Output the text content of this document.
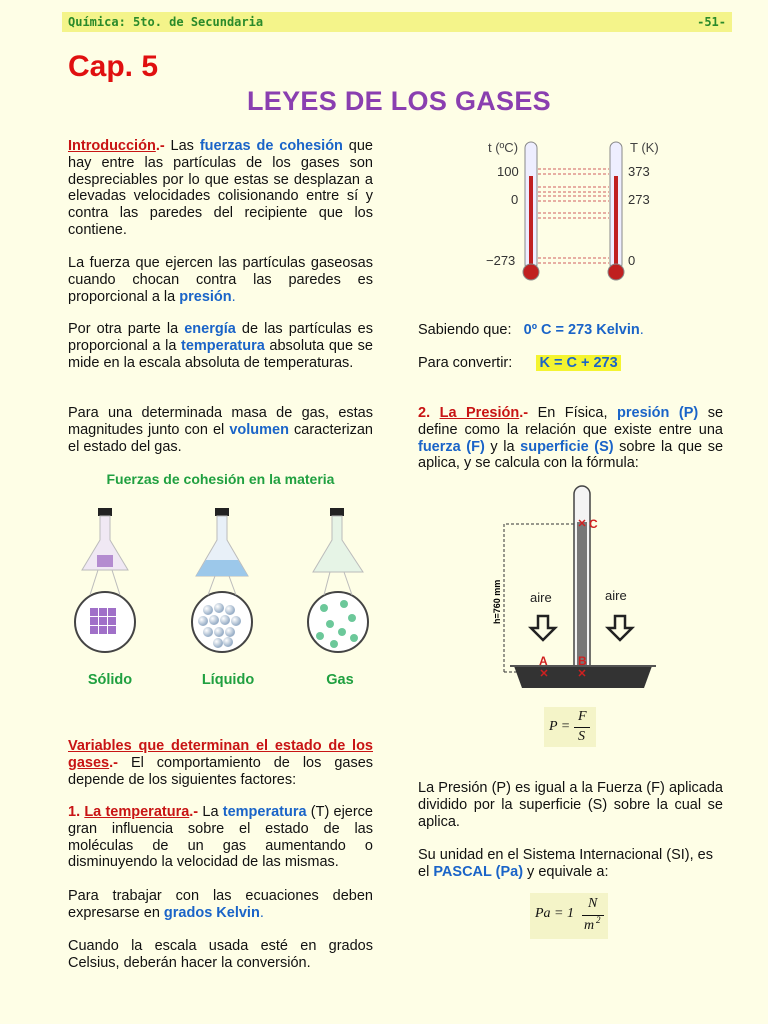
Química: 5to. de Secundaria	-51-
Cap. 5
LEYES DE LOS GASES
Introducción.- Las fuerzas de cohesión que hay entre las partículas de los gases son despreciables por lo que estas se desplazan a elevadas velocidades colisionando entre sí y contra las paredes del recipiente que los contiene.
La fuerza que ejercen las partículas gaseosas cuando chocan contra las paredes es proporcional a la presión.
Por otra parte la energía de las partículas es proporcional a la temperatura absoluta que se mide en la escala absoluta de temperaturas.
Para una determinada masa de gas, estas magnitudes junto con el volumen caracterizan el estado del gas.
Fuerzas de cohesión en la materia
Sólido	Líquido	Gas
Variables que determinan el estado de los gases.- El comportamiento de los gases depende de los siguientes factores:
1. La temperatura.- La temperatura (T) ejerce gran influencia sobre el estado de las moléculas de un gas aumentando o disminuyendo la velocidad de las mismas.
Para trabajar con las ecuaciones deben expresarse en grados Kelvin.
Cuando la escala usada esté en grados Celsius, deberán hacer la conversión.
t (ºC)	T (K)
100
0
−273
373
273
0
Sabiendo que: 0º C = 273 Kelvin.
Para convertir: K = C + 273
2. La Presión.- En Física, presión (P) se define como la relación que existe entre una fuerza (F) y la superficie (S) sobre la que se aplica, y se calcula con la fórmula:
h=760 mm aire	aire
A	B
C
P =
F
S
La Presión (P) es igual a la Fuerza (F) aplicada dividido por la superficie (S) sobre la cual se aplica.
Su unidad en el Sistema Internacional (SI), es el PASCAL (Pa) y equivale a:
Pa = 1
N
m 2
